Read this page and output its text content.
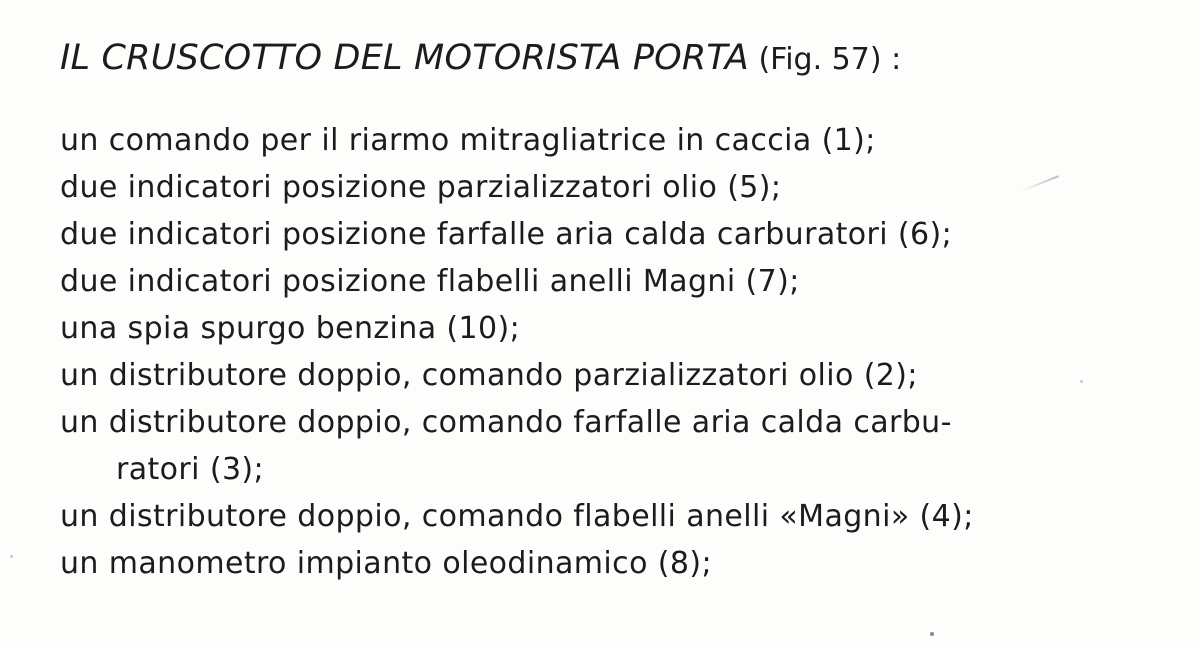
IL CRUSCOTTO DEL MOTORISTA PORTA (Fig. 57) :
un comando per il riarmo mitragliatrice in caccia (1);
due indicatori posizione parzializzatori olio (5);
due indicatori posizione farfalle aria calda carburatori (6);
due indicatori posizione flabelli anelli Magni (7);
una spia spurgo benzina (10);
un distributore doppio, comando parzializzatori olio (2);
un distributore doppio, comando farfalle aria calda carbu-
ratori (3);
un distributore doppio, comando flabelli anelli «Magni» (4);
un manometro impianto oleodinamico (8);
